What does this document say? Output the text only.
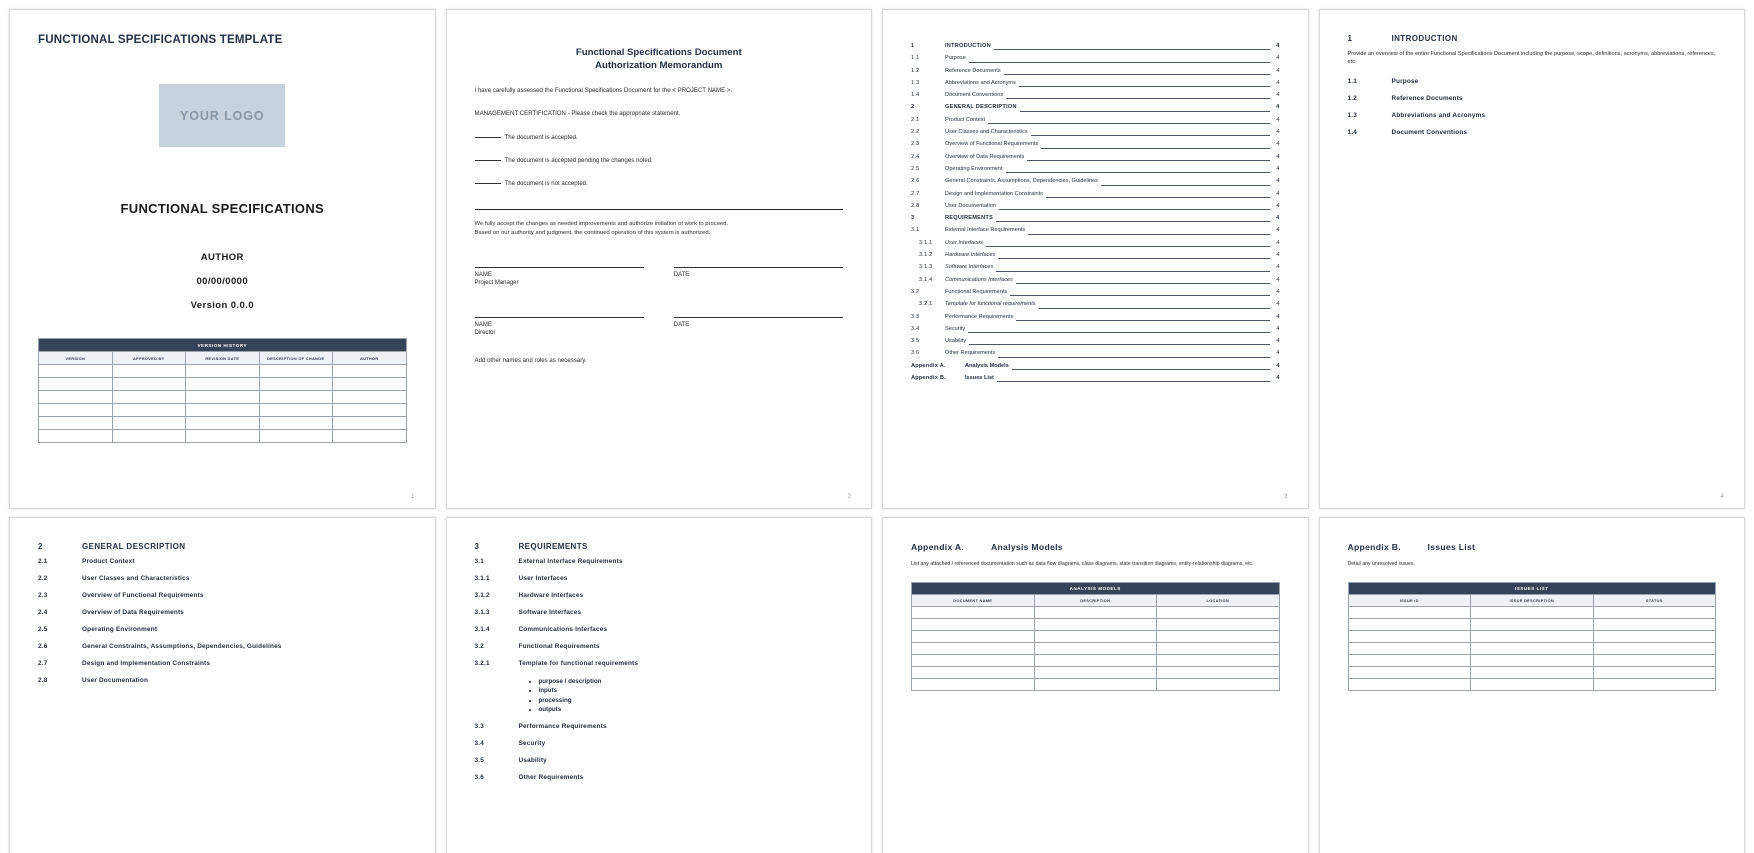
FUNCTIONAL SPECIFICATIONS TEMPLATE
YOUR LOGO
FUNCTIONAL SPECIFICATIONS
AUTHOR
00/00/0000
Version 0.0.0
VERSION HISTORY				
VERSION	APPROVED BY	REVISION DATE	DESCRIPTION OF CHANGE	AUTHOR

1
Functional Specifications Document
Authorization Memorandum
I have carefully assessed the Functional Specifications Document for the < PROJECT NAME >.
MANAGEMENT CERTIFICATION - Please check the appropriate statement.
The document is accepted.
The document is accepted pending the changes noted.
The document is not accepted.
We fully accept the changes as needed improvements and authorize initiation of work to proceed.
Based on our authority and judgment, the continued operation of this system is authorized.
NAME
Project Manager
DATE
NAME
Director
DATE
Add other names and roles as necessary.
2
1	INTRODUCTION	4
1.1	Purpose	4
1.2	Reference Documents	4
1.3	Abbreviations and Acronyms	4
1.4	Document Conventions	4
2	GENERAL DESCRIPTION	4
2.1	Product Context	4
2.2	User Classes and Characteristics	4
2.3	Overview of Functional Requirements	4
2.4	Overview of Data Requirements	4
2.5	Operating Environment	4
2.6	General Constraints, Assumptions, Dependencies, Guidelines	4
2.7	Design and Implementation Constraints	4
2.8	User Documentation	4
3	REQUIREMENTS	4
3.1	External Interface Requirements	4
3.1.1	User Interfaces	4
3.1.2	Hardware Interfaces	4
3.1.3	Software Interfaces	4
3.1.4	Communications Interfaces	4
3.2	Functional Requirements	4
3.2.1	Template for functional requirements	4
3.3	Performance Requirements	4
3.4	Security	4
3.5	Usability	4
3.6	Other Requirements	4
Appendix A.	Analysis Models	4
Appendix B.	Issues List	4
3
1	INTRODUCTION

Provide an overview of the entire Functional Specifications Document including the purpose, scope, definitions, acronyms, abbreviations, references, etc.

1.1	Purpose
1.2	Reference Documents
1.3	Abbreviations and Acronyms
1.4	Document Conventions
4
2	GENERAL DESCRIPTION
2.1	Product Context
2.2	User Classes and Characteristics
2.3	Overview of Functional Requirements
2.4	Overview of Data Requirements
2.5	Operating Environment
2.6	General Constraints, Assumptions, Dependencies, Guidelines
2.7	Design and Implementation Constraints
2.8	User Documentation
3	REQUIREMENTS
3.1	External Interface Requirements
3.1.1	User Interfaces
3.1.2	Hardware Interfaces
3.1.3	Software Interfaces
3.1.4	Communications Interfaces
3.2	Functional Requirements
3.2.1	Template for functional requirements
• purpose / description
• inputs
• processing
• outputs
3.3	Performance Requirements
3.4	Security
3.5	Usability
3.6	Other Requirements
Appendix A.	Analysis Models
List any attached / referenced documentation such as data flow diagrams, class diagrams, state transition diagrams, entity-relationship diagrams, etc.
ANALYSIS MODELS		
DOCUMENT NAME	DESCRIPTION	LOCATION

Appendix B.	Issues List
Detail any unresolved issues.
ISSUES LIST		
ISSUE ID	ISSUE DESCRIPTION	STATUS
